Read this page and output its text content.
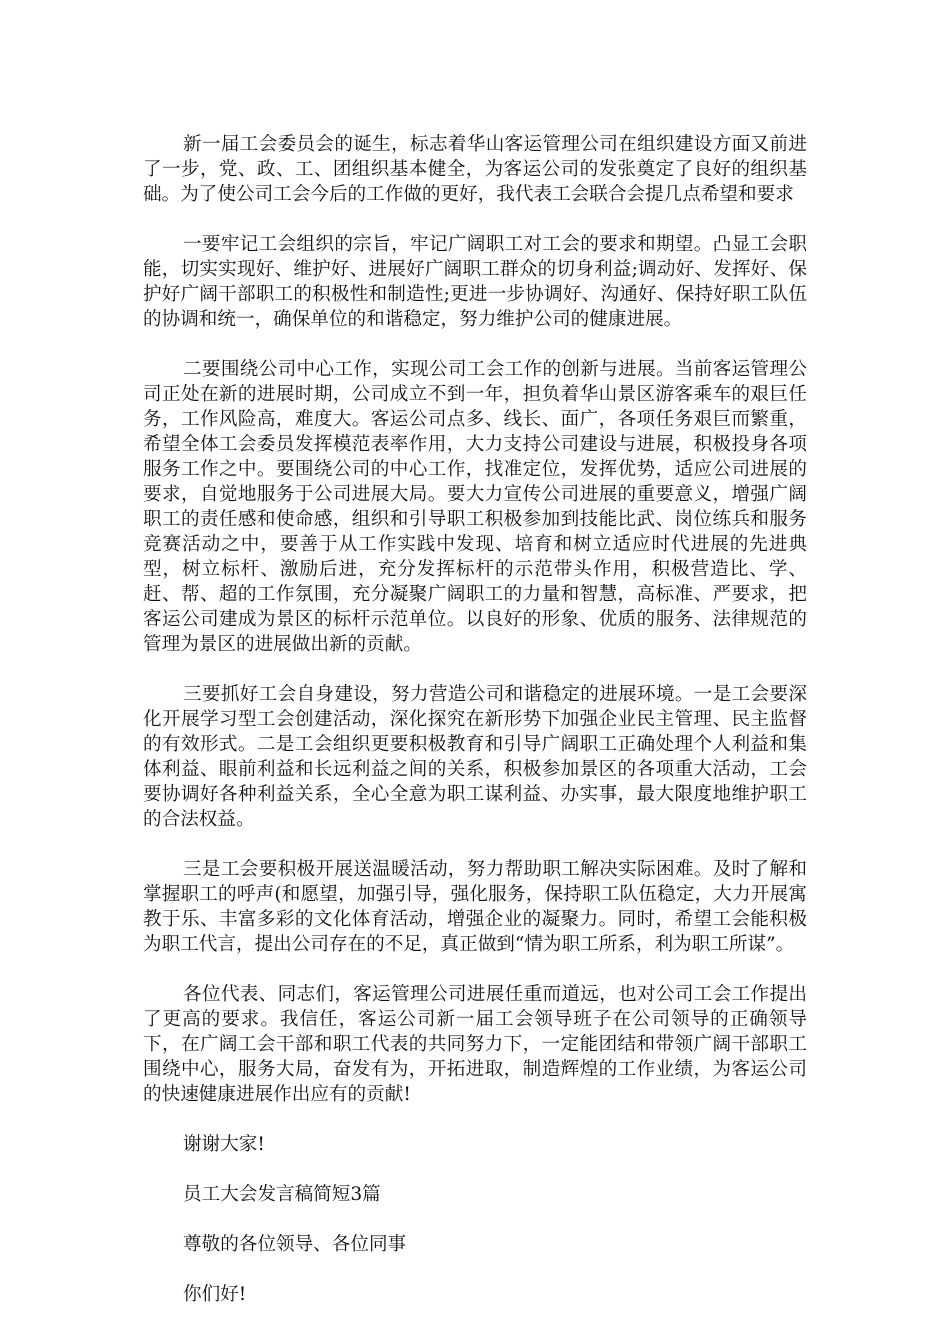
新一届工会委员会的诞生，标志着华山客运管理公司在组织建设方面又前进了一步，党、政、工、团组织基本健全，为客运公司的发张奠定了良好的组织基础。为了使公司工会今后的工作做的更好，我代表工会联合会提几点希望和要求

一要牢记工会组织的宗旨，牢记广阔职工对工会的要求和期望。凸显工会职能，切实实现好、维护好、进展好广阔职工群众的切身利益;调动好、发挥好、保护好广阔干部职工的积极性和制造性;更进一步协调好、沟通好、保持好职工队伍的协调和统一，确保单位的和谐稳定，努力维护公司的健康进展。

二要围绕公司中心工作，实现公司工会工作的创新与进展。当前客运管理公司正处在新的进展时期，公司成立不到一年，担负着华山景区游客乘车的艰巨任务，工作风险高，难度大。客运公司点多、线长、面广，各项任务艰巨而繁重，希望全体工会委员发挥模范表率作用，大力支持公司建设与进展，积极投身各项服务工作之中。要围绕公司的中心工作，找准定位，发挥优势，适应公司进展的要求，自觉地服务于公司进展大局。要大力宣传公司进展的重要意义，增强广阔职工的责任感和使命感，组织和引导职工积极参加到技能比武、岗位练兵和服务竞赛活动之中，要善于从工作实践中发现、培育和树立适应时代进展的先进典型，树立标杆、激励后进，充分发挥标杆的示范带头作用，积极营造比、学、赶、帮、超的工作氛围，充分凝聚广阔职工的力量和智慧，高标准、严要求，把客运公司建成为景区的标杆示范单位。以良好的形象、优质的服务、法律规范的管理为景区的进展做出新的贡献。

三要抓好工会自身建设，努力营造公司和谐稳定的进展环境。一是工会要深化开展学习型工会创建活动，深化探究在新形势下加强企业民主管理、民主监督的有效形式。二是工会组织更要积极教育和引导广阔职工正确处理个人利益和集体利益、眼前利益和长远利益之间的关系，积极参加景区的各项重大活动，工会要协调好各种利益关系，全心全意为职工谋利益、办实事，最大限度地维护职工的合法权益。

三是工会要积极开展送温暖活动，努力帮助职工解决实际困难。及时了解和掌握职工的呼声(和愿望，加强引导，强化服务，保持职工队伍稳定，大力开展寓教于乐、丰富多彩的文化体育活动，增强企业的凝聚力。同时，希望工会能积极为职工代言，提出公司存在的不足，真正做到“情为职工所系，利为职工所谋”。

各位代表、同志们，客运管理公司进展任重而道远，也对公司工会工作提出了更高的要求。我信任，客运公司新一届工会领导班子在公司领导的正确领导下，在广阔工会干部和职工代表的共同努力下，一定能团结和带领广阔干部职工围绕中心，服务大局，奋发有为，开拓进取，制造辉煌的工作业绩，为客运公司的快速健康进展作出应有的贡献!

谢谢大家!

员工大会发言稿简短3篇

尊敬的各位领导、各位同事

你们好!
